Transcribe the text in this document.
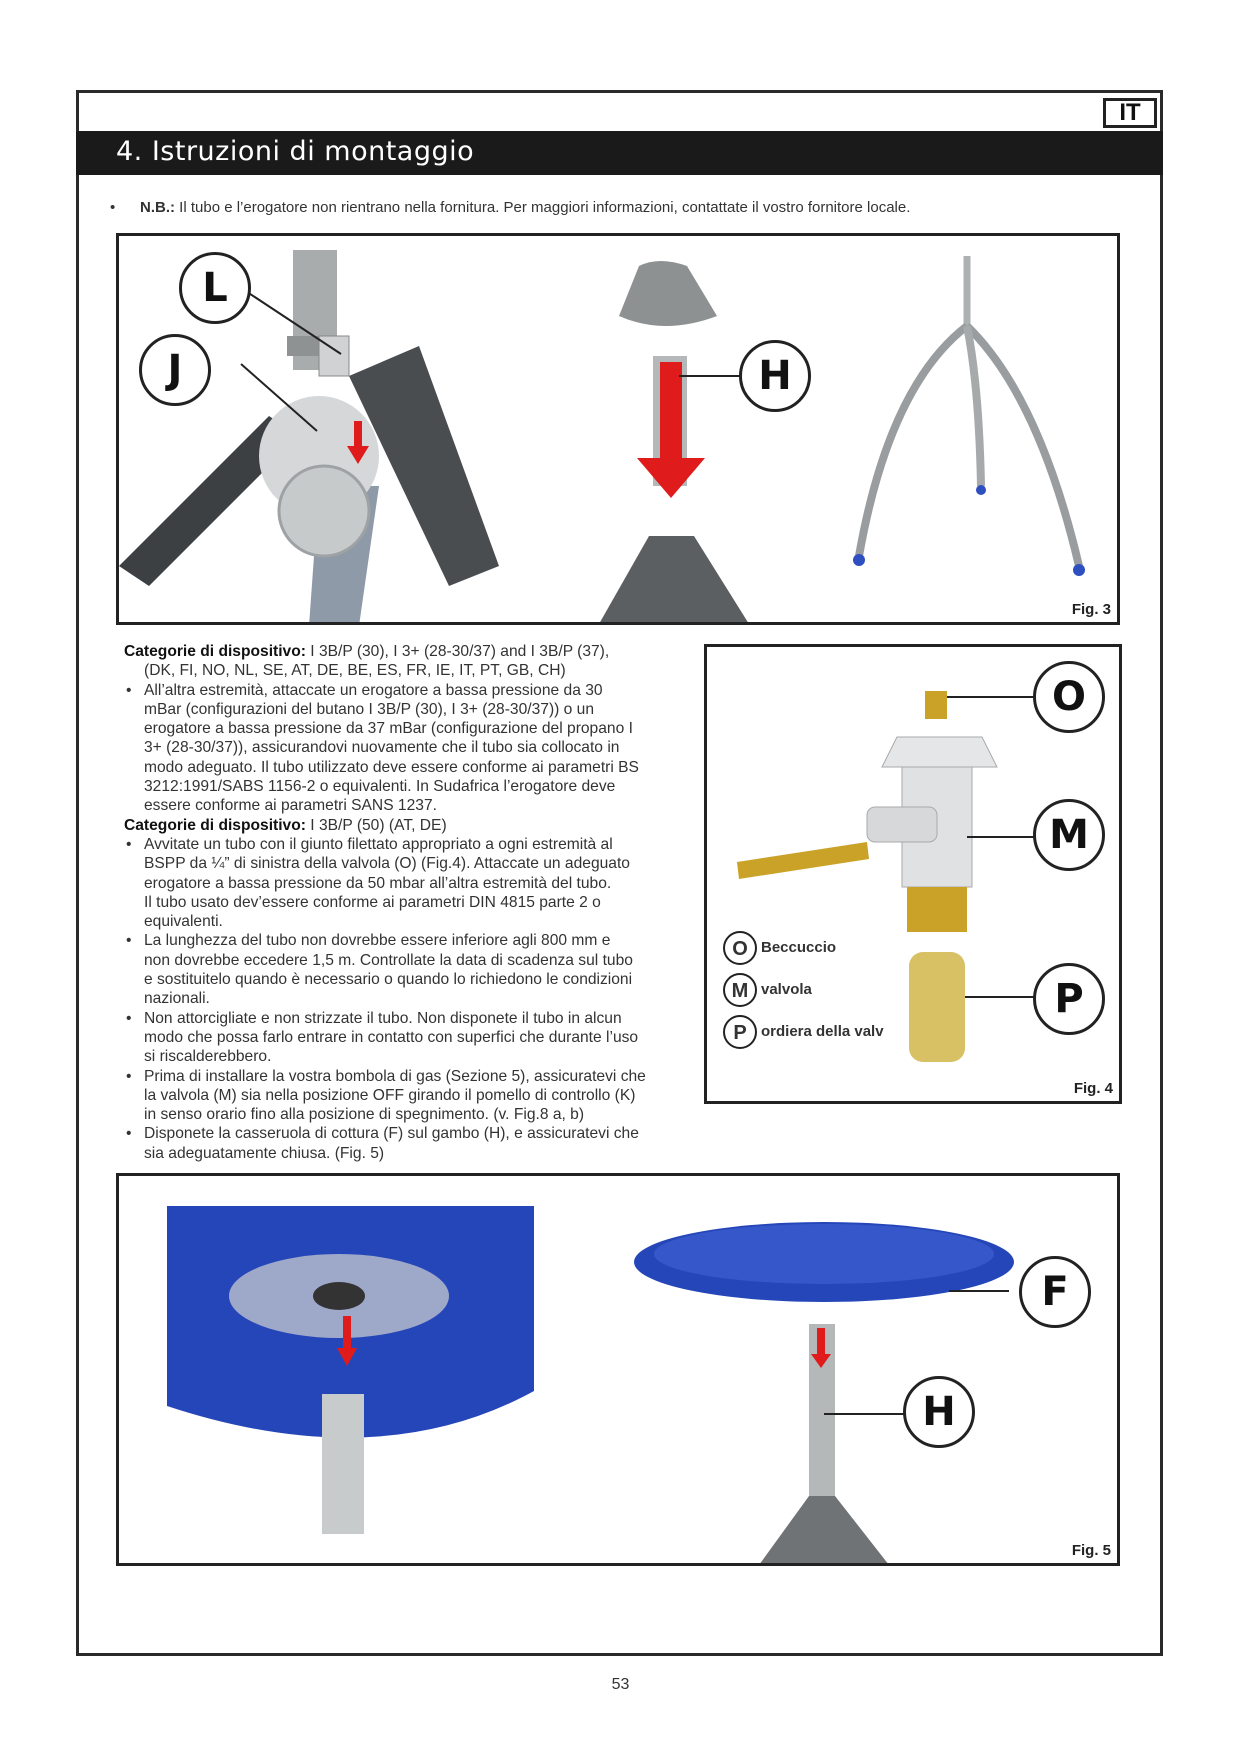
IT
4. Istruzioni di montaggio
• N.B.: Il tubo e l’erogatore non rientrano nella fornitura. Per maggiori informazioni, contattate il vostro fornitore locale.
L
J	H
Fig. 3

Categorie di dispositivo: I 3B/P (30), I 3+ (28-30/37) and I 3B/P (37),

(DK, FI, NO, NL, SE, AT, DE, BE, ES, FR, IE, IT, PT, GB, CH)

• All’altra estremità, attaccate un erogatore a bassa pressione da 30
mBar (configurazioni del butano I 3B/P (30), I 3+ (28-30/37)) o un
erogatore a bassa pressione da 37 mBar (configurazione del propano I
3+ (28-30/37)), assicurandovi nuovamente che il tubo sia collocato in
modo adeguato. Il tubo utilizzato deve essere conforme ai parametri BS
3212:1991/SABS 1156-2 o equivalenti. In Sudafrica l’erogatore deve
essere conforme ai parametri SANS 1237.

Categorie di dispositivo: I 3B/P (50) (AT, DE)

• Avvitate un tubo con il giunto filettato appropriato a ogni estremità al
BSPP da ¼” di sinistra della valvola (O) (Fig.4). Attaccate un adeguato
erogatore a bassa pressione da 50 mbar all’altra estremità del tubo.
Il tubo usato dev’essere conforme ai parametri DIN 4815 parte 2 o
equivalenti.
• La lunghezza del tubo non dovrebbe essere inferiore agli 800 mm e
non dovrebbe eccedere 1,5 m. Controllate la data di scadenza sul tubo
e sostituitelo quando è necessario o quando lo richiedono le condizioni
nazionali.
• Non attorcigliate e non strizzate il tubo. Non disponete il tubo in alcun
modo che possa farlo entrare in contatto con superfici che durante l’uso
si riscalderebbero.
• Prima di installare la vostra bombola di gas (Sezione 5), assicuratevi che
la valvola (M) sia nella posizione OFF girando il pomello di controllo (K)
in senso orario fino alla posizione di spegnimento. (v. Fig.8 a, b)
• Disponete la casseruola di cottura (F) sul gambo (H), e assicuratevi che
sia adeguatamente chiusa. (Fig. 5)
O
M
P
O Beccuccio
M valvola
P ordiera della valv
Fig. 4
F
H
Fig. 5
53
